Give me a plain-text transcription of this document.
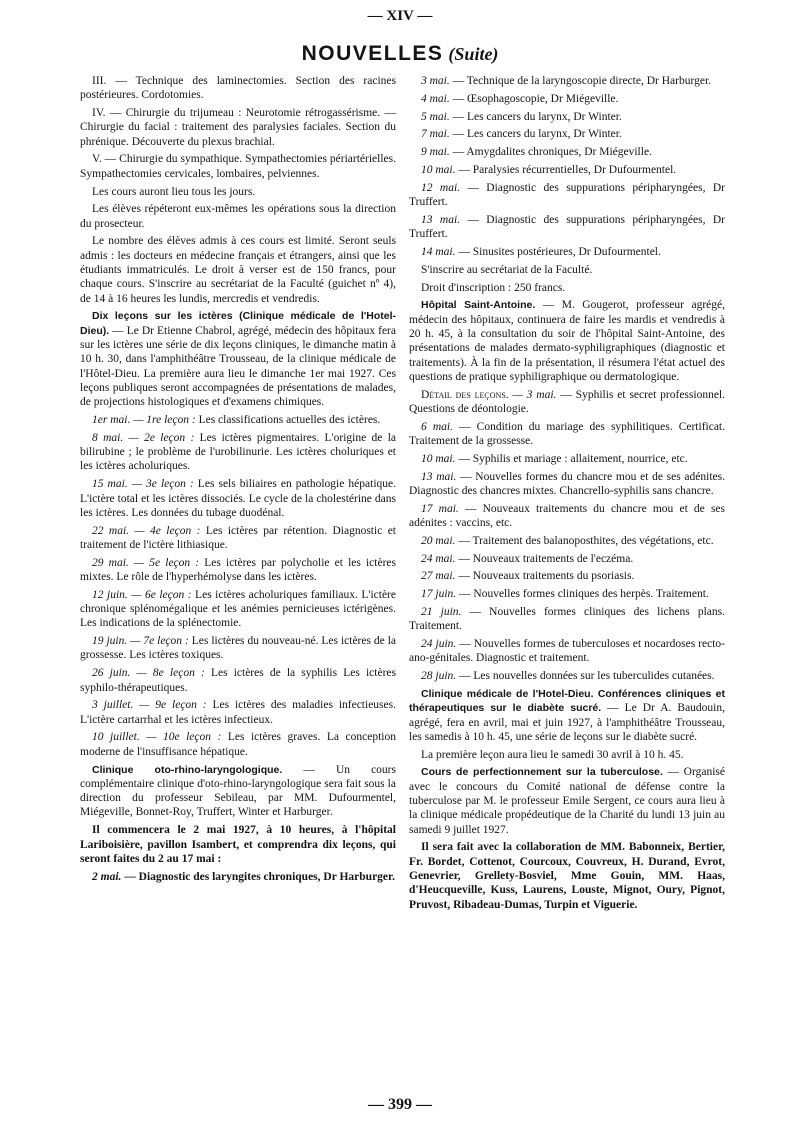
— XIV —
NOUVELLES (Suite)

III. — Technique des laminectomies. Section des racines postérieures. Cordotomies.

IV. — Chirurgie du trijumeau : Neurotomie rétrogassérisme. — Chirurgie du facial : traitement des paralysies faciales. Section du phrénique. Découverte du plexus brachial.

V. — Chirurgie du sympathique. Sympathectomies périartérielles. Sympathectomies cervicales, lombaires, pelviennes.

Les cours auront lieu tous les jours.

Les élèves répéteront eux-mêmes les opérations sous la direction du prosecteur.

Le nombre des élèves admis à ces cours est limité. Seront seuls admis : les docteurs en médecine français et étrangers, ainsi que les étudiants immatriculés. Le droit à verser est de 150 francs, pour chaque cours. S'inscrire au secrétariat de la Faculté (guichet nº 4), de 14 à 16 heures les lundis, mercredis et vendredis.

Dix leçons sur les ictères (Clinique médicale de l'Hotel-Dieu). — Le Dr Etienne Chabrol, agrégé, médecin des hôpitaux fera sur les ictères une série de dix leçons cliniques, le dimanche matin à 10 h. 30, dans l'amphithéâtre Trousseau, de la clinique médicale de l'Hôtel-Dieu. La première aura lieu le dimanche 1er mai 1927. Ces leçons publiques seront accompagnées de présentations de malades, de projections histologiques et d'examens chimiques.

1er mai. — 1re leçon : Les classifications actuelles des ictères.

8 mai. — 2e leçon : Les ictères pigmentaires. L'origine de la bilirubine ; le problème de l'urobilinurie. Les ictères choluriques et les ictères acholuriques.

15 mai. — 3e leçon : Les sels biliaires en pathologie hépatique. L'ictère total et les ictères dissociés. Le cycle de la cholestérine dans les ictères. Les données du tubage duodénal.

22 mai. — 4e leçon : Les ictères par rétention. Diagnostic et traitement de l'ictère lithiasique.

29 mai. — 5e leçon : Les ictères par polycholie et les ictères mixtes. Le rôle de l'hyperhémolyse dans les ictères.

12 juin. — 6e leçon : Les ictères acholuriques familiaux. L'ictère chronique splénomégalique et les anémies pernicieuses ictérigènes. Les indications de la splénectomie.

19 juin. — 7e leçon : Les lictères du nouveau-né. Les ictères de la grossesse. Les ictères toxiques.

26 juin. — 8e leçon : Les ictères de la syphilis Les ictères syphilo-thérapeutiques.

3 juillet. — 9e leçon : Les ictères des maladies infectieuses. L'ictère cartarrhal et les ictères infectieux.

10 juillet. — 10e leçon : Les ictères graves. La conception moderne de l'insuffisance hépatique.

Clinique oto-rhino-laryngologique. — Un cours complémentaire clinique d'oto-rhino-laryngologique sera fait sous la direction du professeur Sebileau, par MM. Dufourmentel, Miégeville, Bonnet-Roy, Truffert, Winter et Harburger.

Il commencera le 2 mai 1927, à 10 heures, à l'hôpital Lariboisière, pavillon Isambert, et comprendra dix leçons, qui seront faites du 2 au 17 mai :

2 mai. — Diagnostic des laryngites chroniques, Dr Harburger.

3 mai. — Technique de la laryngoscopie directe, Dr Harburger.

4 mai. — Œsophagoscopie, Dr Miégeville.

5 mai. — Les cancers du larynx, Dr Winter.

7 mai. — Les cancers du larynx, Dr Winter.

9 mai. — Amygdalites chroniques, Dr Miégeville.

10 mai. — Paralysies récurrentielles, Dr Dufourmentel.

12 mai. — Diagnostic des suppurations péripharyngées, Dr Truffert.

13 mai. — Diagnostic des suppurations péripharyngées, Dr Truffert.

14 mai. — Sinusites postérieures, Dr Dufourmentel.

S'inscrire au secrétariat de la Faculté.

Droit d'inscription : 250 francs.

Hôpital Saint-Antoine. — M. Gougerot, professeur agrégé, médecin des hôpitaux, continuera de faire les mardis et vendredis à 20 h. 45, à la consultation du soir de l'hôpital Saint-Antoine, des présentations de malades dermato-syphiligraphiques (diagnostic et traitements). À la fin de la présentation, il résumera l'état actuel des questions de pratique syphiligraphique ou dermatologique.

Détail des leçons. — 3 mai. — Syphilis et secret professionnel. Questions de déontologie.

6 mai. — Condition du mariage des syphilitiques. Certificat. Traitement de la grossesse.

10 mai. — Syphilis et mariage : allaitement, nourrice, etc.

13 mai. — Nouvelles formes du chancre mou et de ses adénites. Diagnostic des chancres mixtes. Chancrello-syphilis sans chancre.

17 mai. — Nouveaux traitements du chancre mou et de ses adénites : vaccins, etc.

20 mai. — Traitement des balanoposthites, des végétations, etc.

24 mai. — Nouveaux traitements de l'eczéma.

27 mai. — Nouveaux traitements du psoriasis.

17 juin. — Nouvelles formes cliniques des herpès. Traitement.

21 juin. — Nouvelles formes cliniques des lichens plans. Traitement.

24 juin. — Nouvelles formes de tuberculoses et nocardoses recto-ano-génitales. Diagnostic et traitement.

28 juin. — Les nouvelles données sur les tuberculides cutanées.

Clinique médicale de l'Hotel-Dieu. Conférences cliniques et thérapeutiques sur le diabète sucré. — Le Dr A. Baudouin, agrégé, fera en avril, mai et juin 1927, à l'amphithéâtre Trousseau, les samedis à 10 h. 45, une série de leçons sur le diabète sucré.

La première leçon aura lieu le samedi 30 avril à 10 h. 45.

Cours de perfectionnement sur la tuberculose. — Organisé avec le concours du Comité national de défense contre la tuberculose par M. le professeur Emile Sergent, ce cours aura lieu à la clinique médicale propédeutique de la Charité du lundi 13 juin au samedi 9 juillet 1927.

Il sera fait avec la collaboration de MM. Babonneix, Bertier, Fr. Bordet, Cottenot, Courcoux, Couvreux, H. Durand, Evrot, Genevrier, Grellety-Bosviel, Mme Gouin, MM. Haas, d'Heucqueville, Kuss, Laurens, Louste, Mignot, Oury, Pignot, Pruvost, Ribadeau-Dumas, Turpin et Viguerie.

— 399 —
